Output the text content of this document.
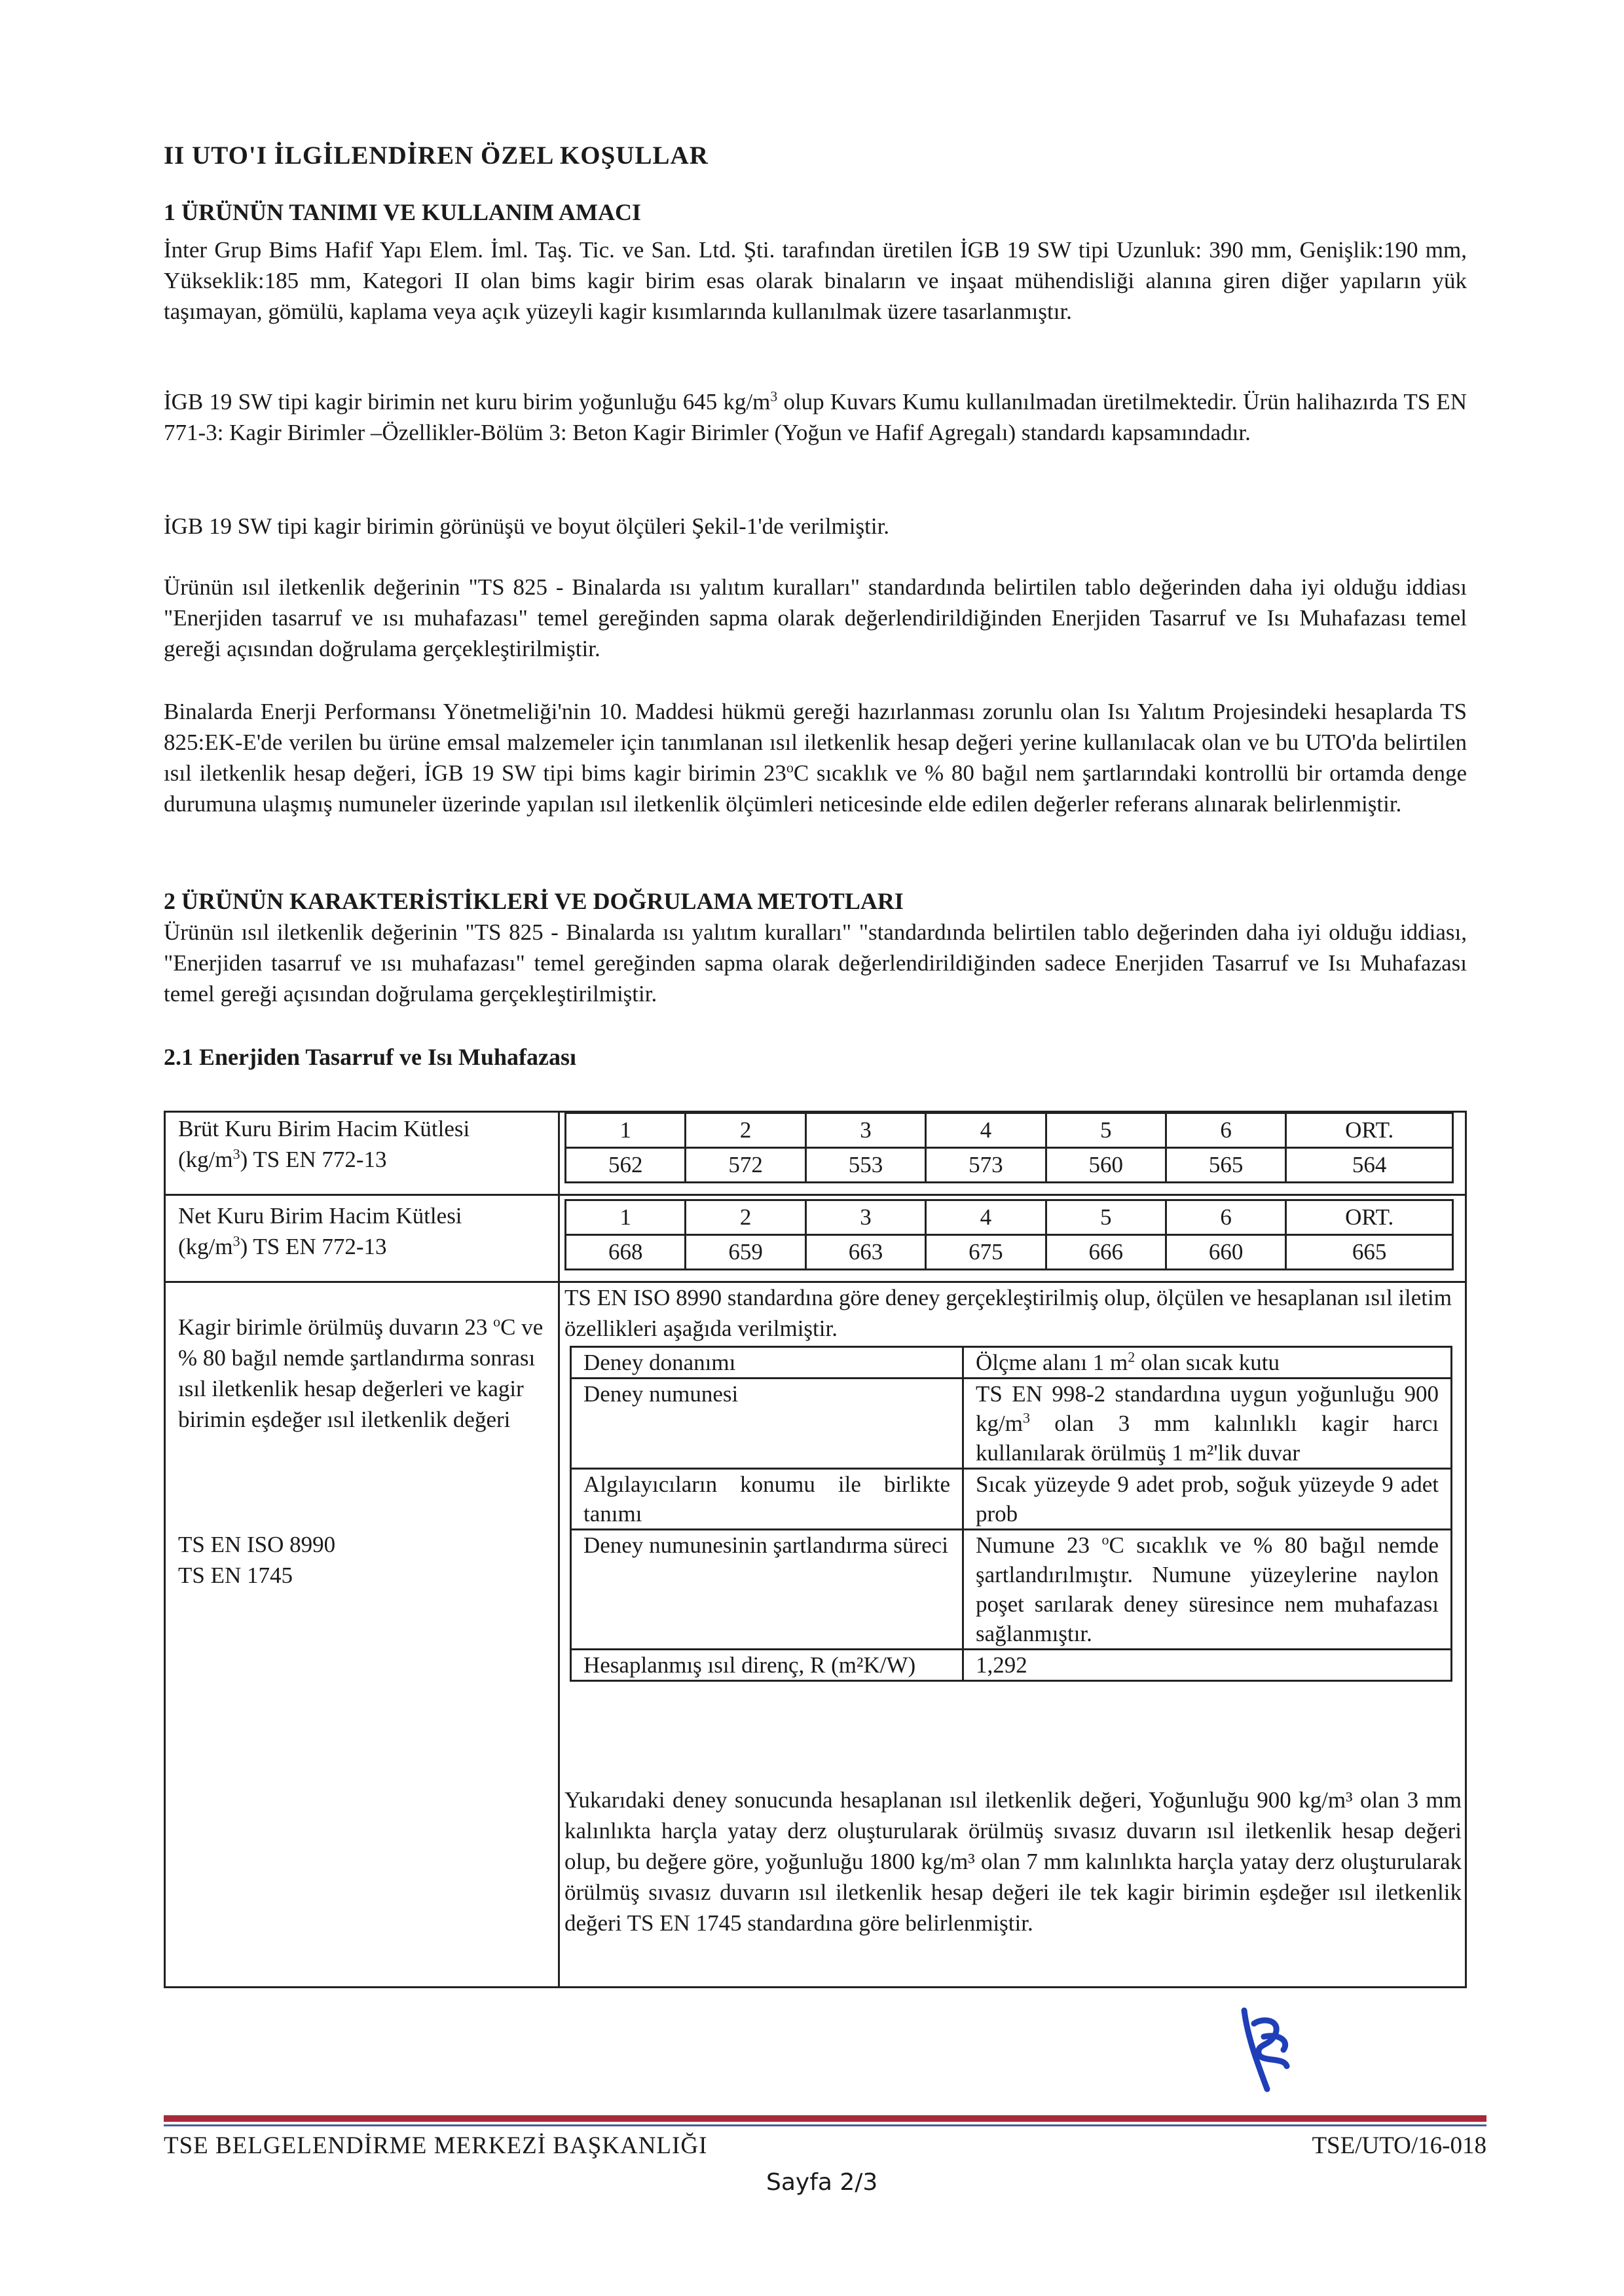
II UTO'I İLGİLENDİREN ÖZEL KOŞULLAR
1 ÜRÜNÜN TANIMI VE KULLANIM AMACI
İnter Grup Bims Hafif Yapı Elem. İml. Taş. Tic. ve San. Ltd. Şti. tarafından üretilen İGB 19 SW tipi Uzunluk: 390 mm, Genişlik:190 mm, Yükseklik:185 mm, Kategori II olan bims kagir birim esas olarak binaların ve inşaat mühendisliği alanına giren diğer yapıların yük taşımayan, gömülü, kaplama veya açık yüzeyli kagir kısımlarında kullanılmak üzere tasarlanmıştır.
İGB 19 SW tipi kagir birimin net kuru birim yoğunluğu 645 $kg/m^3$ olup Kuvars Kumu kullanılmadan üretilmektedir. Ürün halihazırda TS EN 771-3: Kagir Birimler –Özellikler-Bölüm 3: Beton Kagir Birimler (Yoğun ve Hafif Agregalı) standardı kapsamındadır.
İGB 19 SW tipi kagir birimin görünüşü ve boyut ölçüleri Şekil-1'de verilmiştir.
Ürünün ısıl iletkenlik değerinin "TS 825 - Binalarda ısı yalıtım kuralları" standardında belirtilen tablo değerinden daha iyi olduğu iddiası "Enerjiden tasarruf ve ısı muhafazası" temel gereğinden sapma olarak değerlendirildiğinden Enerjiden Tasarruf ve Isı Muhafazası temel gereği açısından doğrulama gerçekleştirilmiştir.
Binalarda Enerji Performansı Yönetmeliği'nin 10. Maddesi hükmü gereği hazırlanması zorunlu olan Isı Yalıtım Projesindeki hesaplarda TS 825:EK-E'de verilen bu ürüne emsal malzemeler için tanımlanan ısıl iletkenlik hesap değeri yerine kullanılacak olan ve bu UTO'da belirtilen ısıl iletkenlik hesap değeri, İGB 19 SW tipi bims kagir birimin 23$^o$C sıcaklık ve % 80 bağıl nem şartlarındaki kontrollü bir ortamda denge durumuna ulaşmış numuneler üzerinde yapılan ısıl iletkenlik ölçümleri neticesinde elde edilen değerler referans alınarak belirlenmiştir.
2 ÜRÜNÜN KARAKTERİSTİKLERİ VE DOĞRULAMA METOTLARI
Ürünün ısıl iletkenlik değerinin "TS 825 - Binalarda ısı yalıtım kuralları" "standardında belirtilen tablo değerinden daha iyi olduğu iddiası, "Enerjiden tasarruf ve ısı muhafazası" temel gereğinden sapma olarak değerlendirildiğinden sadece Enerjiden Tasarruf ve Isı Muhafazası temel gereği açısından doğrulama gerçekleştirilmiştir.
2.1 Enerjiden Tasarruf ve Isı Muhafazası
Brüt Kuru Birim Hacim Kütlesi
$(kg/m^3)$ TS EN 772-13
1	2	3	4	5	6	ORT.
562	572	553	573	560	565	564
Net Kuru Birim Hacim Kütlesi
$(kg/m^3)$ TS EN 772-13
1	2	3	4	5	6	ORT.
668	659	663	675	666	660	665
Kagir birimle örülmüş duvarın 23 $^o$C ve % 80 bağıl nemde şartlandırma sonrası ısıl iletkenlik hesap değerleri ve kagir birimin eşdeğer ısıl iletkenlik değeri
TS EN ISO 8990
TS EN 1745
TS EN ISO 8990 standardına göre deney gerçekleştirilmiş olup, ölçülen ve hesaplanan ısıl iletim özellikleri aşağıda verilmiştir.
Deney donanımı	Ölçme alanı 1 $m^2$ olan sıcak kutu
Deney numunesi	TS EN 998-2 standardına uygun yoğunluğu 900 $kg/m^3$ olan 3 mm kalınlıklı kagir harcı kullanılarak örülmüş 1 m²'lik duvar
Algılayıcıların konumu ile birlikte tanımı	Sıcak yüzeyde 9 adet prob, soğuk yüzeyde 9 adet prob
Deney numunesinin şartlandırma süreci	Numune 23 $^o$C sıcaklık ve % 80 bağıl nemde şartlandırılmıştır. Numune yüzeylerine naylon poşet sarılarak deney süresince nem muhafazası sağlanmıştır.
Hesaplanmış ısıl direnç, R (m²K/W)	1,292
Yukarıdaki deney sonucunda hesaplanan ısıl iletkenlik değeri, Yoğunluğu 900 kg/m³ olan 3 mm kalınlıkta harçla yatay derz oluşturularak örülmüş sıvasız duvarın ısıl iletkenlik hesap değeri olup, bu değere göre, yoğunluğu 1800 kg/m³ olan 7 mm kalınlıkta harçla yatay derz oluşturularak örülmüş sıvasız duvarın ısıl iletkenlik hesap değeri ile tek kagir birimin eşdeğer ısıl iletkenlik değeri TS EN 1745 standardına göre belirlenmiştir.
TSE BELGELENDİRME MERKEZİ BAŞKANLIĞI	TSE/UTO/16-018
Sayfa 2/3
